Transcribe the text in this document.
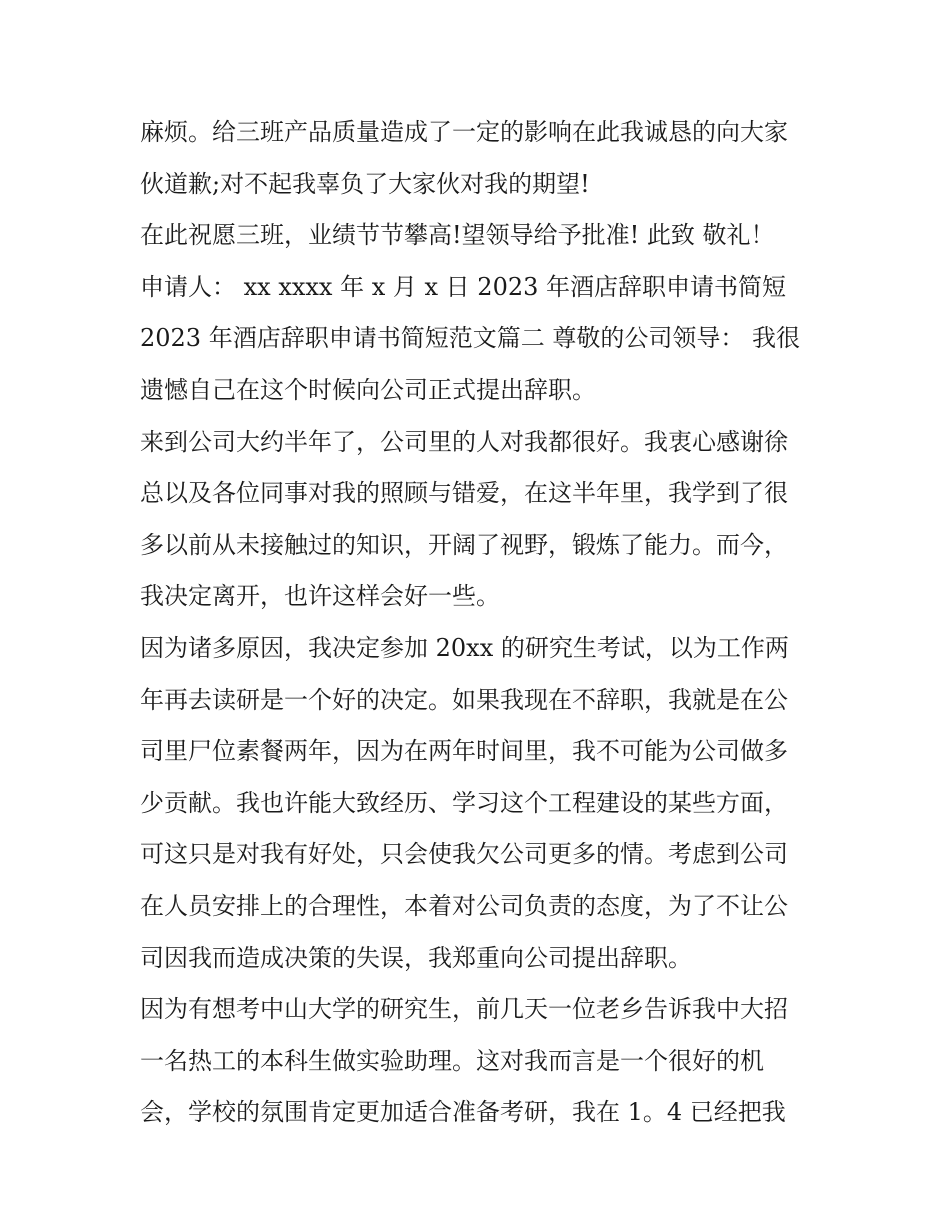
麻烦。给三班产品质量造成了一定的影响在此我诚恳的向大家
伙道歉;对不起我辜负了大家伙对我的期望!
在此祝愿三班，业绩节节攀高!望领导给予批准! 此致 敬礼！
申请人： xx xxxx 年 x 月 x 日 2023 年酒店辞职申请书简短
2023 年酒店辞职申请书简短范文篇二 尊敬的公司领导： 我很
遗憾自己在这个时候向公司正式提出辞职。
来到公司大约半年了，公司里的人对我都很好。我衷心感谢徐
总以及各位同事对我的照顾与错爱，在这半年里，我学到了很
多以前从未接触过的知识，开阔了视野，锻炼了能力。而今，
我决定离开，也许这样会好一些。
因为诸多原因，我决定参加 20xx 的研究生考试，以为工作两
年再去读研是一个好的决定。如果我现在不辞职，我就是在公
司里尸位素餐两年，因为在两年时间里，我不可能为公司做多
少贡献。我也许能大致经历、学习这个工程建设的某些方面，
可这只是对我有好处，只会使我欠公司更多的情。考虑到公司
在人员安排上的合理性，本着对公司负责的态度，为了不让公
司因我而造成决策的失误，我郑重向公司提出辞职。
因为有想考中山大学的研究生，前几天一位老乡告诉我中大招
一名热工的本科生做实验助理。这对我而言是一个很好的机
会，学校的氛围肯定更加适合准备考研，我在 1。4 已经把我
